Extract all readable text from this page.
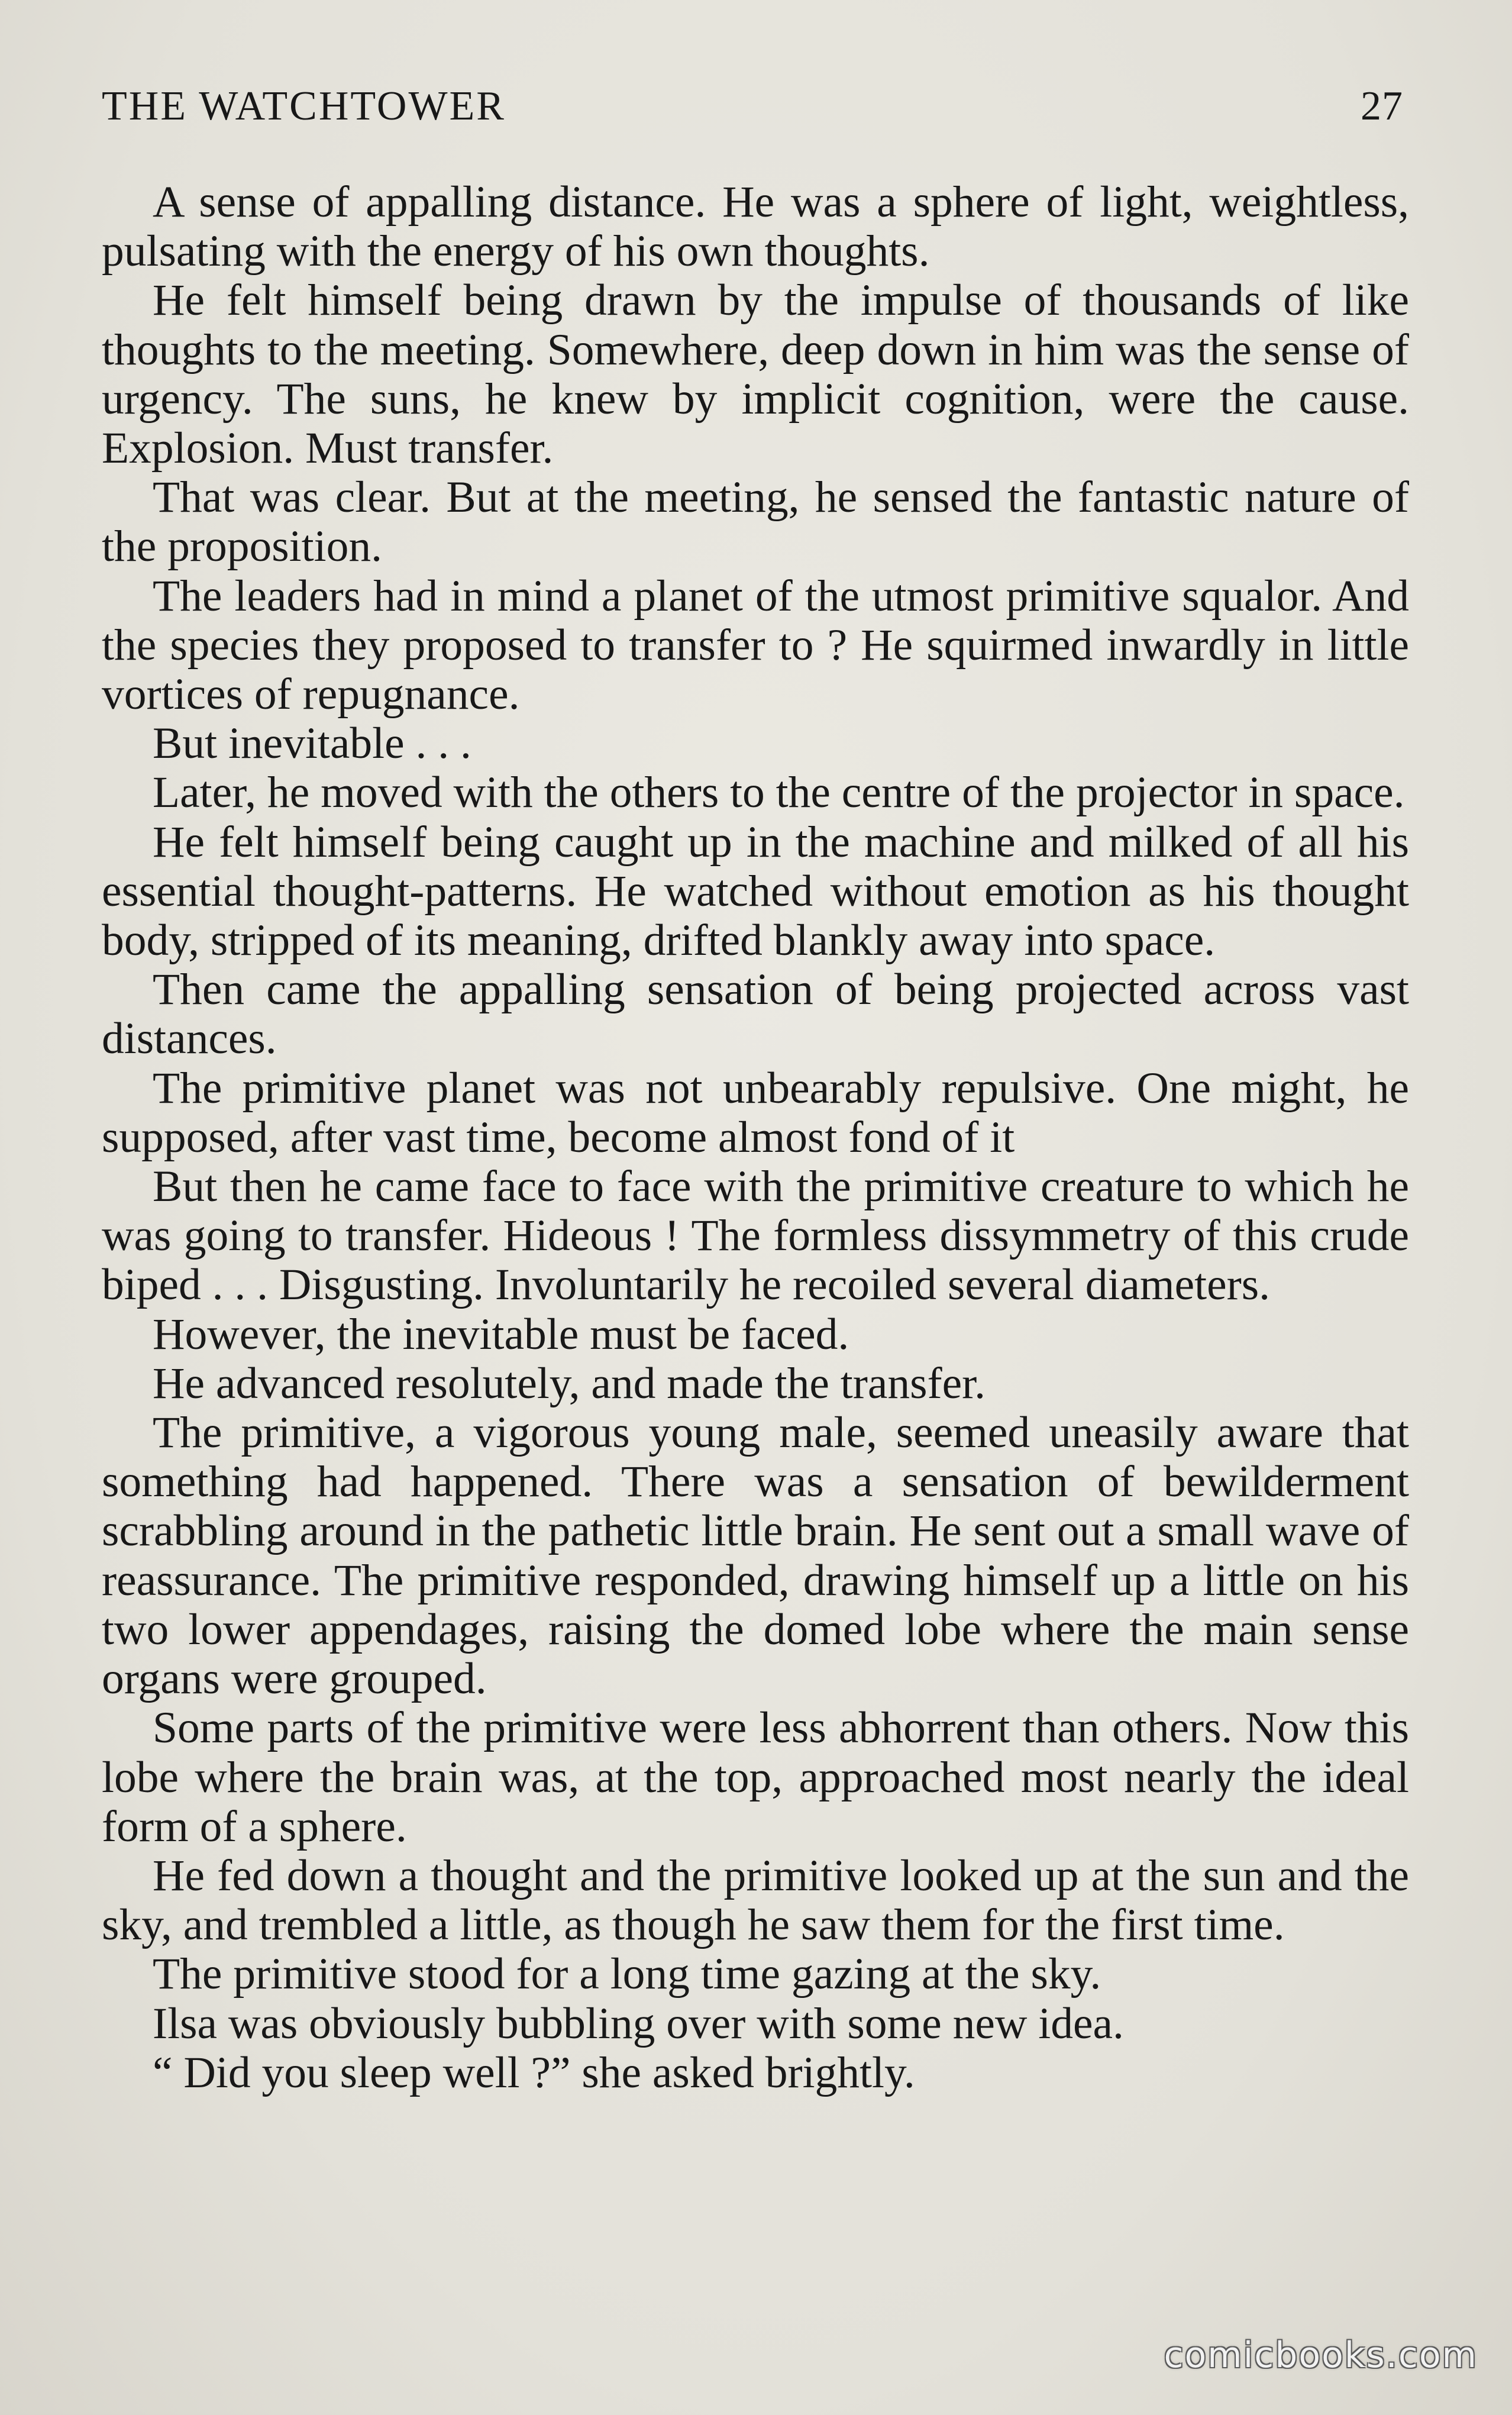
THE WATCHTOWER	27

A sense of appalling distance. He was a sphere of light, weightless, pulsating with the energy of his own thoughts.

He felt himself being drawn by the impulse of thousands of like thoughts to the meeting. Somewhere, deep down in him was the sense of urgency. The suns, he knew by implicit cognition, were the cause. Explosion. Must transfer.

That was clear. But at the meeting, he sensed the fantastic nature of the proposition.

The leaders had in mind a planet of the utmost primitive squalor. And the species they proposed to transfer to ? He squirmed inwardly in little vortices of repugnance.

But inevitable . . .

Later, he moved with the others to the centre of the projector in space.

He felt himself being caught up in the machine and milked of all his essential thought-patterns. He watched without emotion as his thought body, stripped of its meaning, drifted blankly away into space.

Then came the appalling sensation of being projected across vast distances.

The primitive planet was not unbearably repulsive. One might, he supposed, after vast time, become almost fond of it

But then he came face to face with the primitive creature to which he was going to transfer. Hideous ! The formless dissymmetry of this crude biped . . . Disgusting. Involuntarily he recoiled several diameters.

However, the inevitable must be faced.

He advanced resolutely, and made the transfer.

The primitive, a vigorous young male, seemed uneasily aware that something had happened. There was a sensation of bewilderment scrabbling around in the pathetic little brain. He sent out a small wave of reassurance. The primitive responded, drawing himself up a little on his two lower appendages, raising the domed lobe where the main sense organs were grouped.

Some parts of the primitive were less abhorrent than others. Now this lobe where the brain was, at the top, approached most nearly the ideal form of a sphere.

He fed down a thought and the primitive looked up at the sun and the sky, and trembled a little, as though he saw them for the first time.

The primitive stood for a long time gazing at the sky.

Ilsa was obviously bubbling over with some new idea.

“ Did you sleep well ?” she asked brightly.

comicbooks.com
